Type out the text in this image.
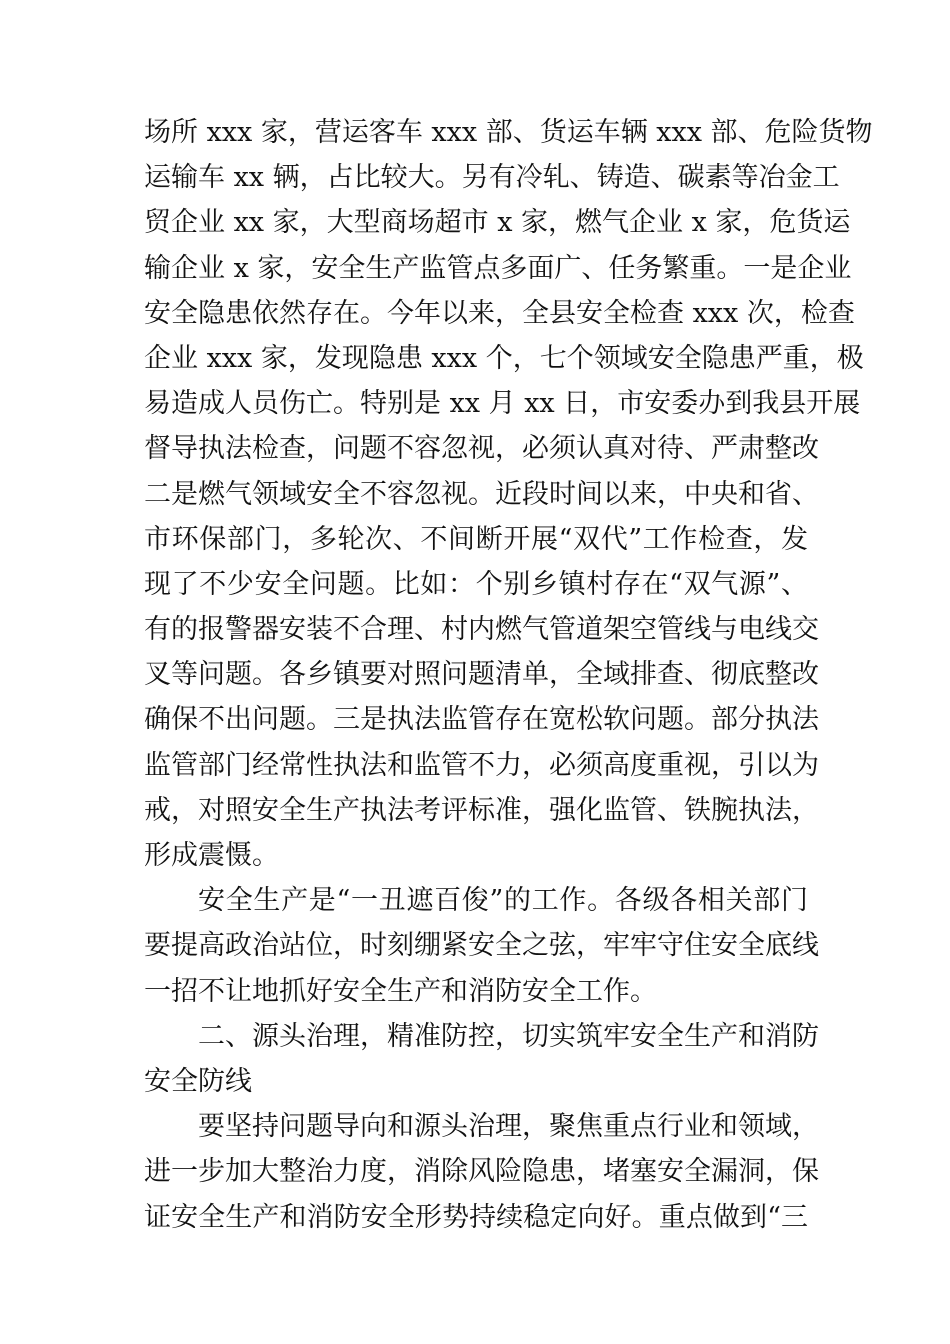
场所 xxx 家，营运客车 xxx 部、货运车辆 xxx 部、危险货物
运输车 xx 辆，占比较大。另有冷轧、铸造、碳素等冶金工
贸企业 xx 家，大型商场超市 x 家，燃气企业 x 家，危货运
输企业 x 家，安全生产监管点多面广、任务繁重。一是企业
安全隐患依然存在。今年以来，全县安全检查 xxx 次，检查
企业 xxx 家，发现隐患 xxx 个，七个领域安全隐患严重，极
易造成人员伤亡。特别是 xx 月 xx 日，市安委办到我县开展
督导执法检查，问题不容忽视，必须认真对待、严肃整改
二是燃气领域安全不容忽视。近段时间以来，中央和省、
市环保部门，多轮次、不间断开展“双代”工作检查，发
现了不少安全问题。比如：个别乡镇村存在“双气源”、
有的报警器安装不合理、村内燃气管道架空管线与电线交
叉等问题。各乡镇要对照问题清单，全域排查、彻底整改
确保不出问题。三是执法监管存在宽松软问题。部分执法
监管部门经常性执法和监管不力，必须高度重视，引以为
戒，对照安全生产执法考评标准，强化监管、铁腕执法，
形成震慑。
安全生产是“一丑遮百俊”的工作。各级各相关部门
要提高政治站位，时刻绷紧安全之弦，牢牢守住安全底线
一招不让地抓好安全生产和消防安全工作。
二、源头治理，精准防控，切实筑牢安全生产和消防
安全防线
要坚持问题导向和源头治理，聚焦重点行业和领域，
进一步加大整治力度，消除风险隐患，堵塞安全漏洞，保
证安全生产和消防安全形势持续稳定向好。重点做到“三
